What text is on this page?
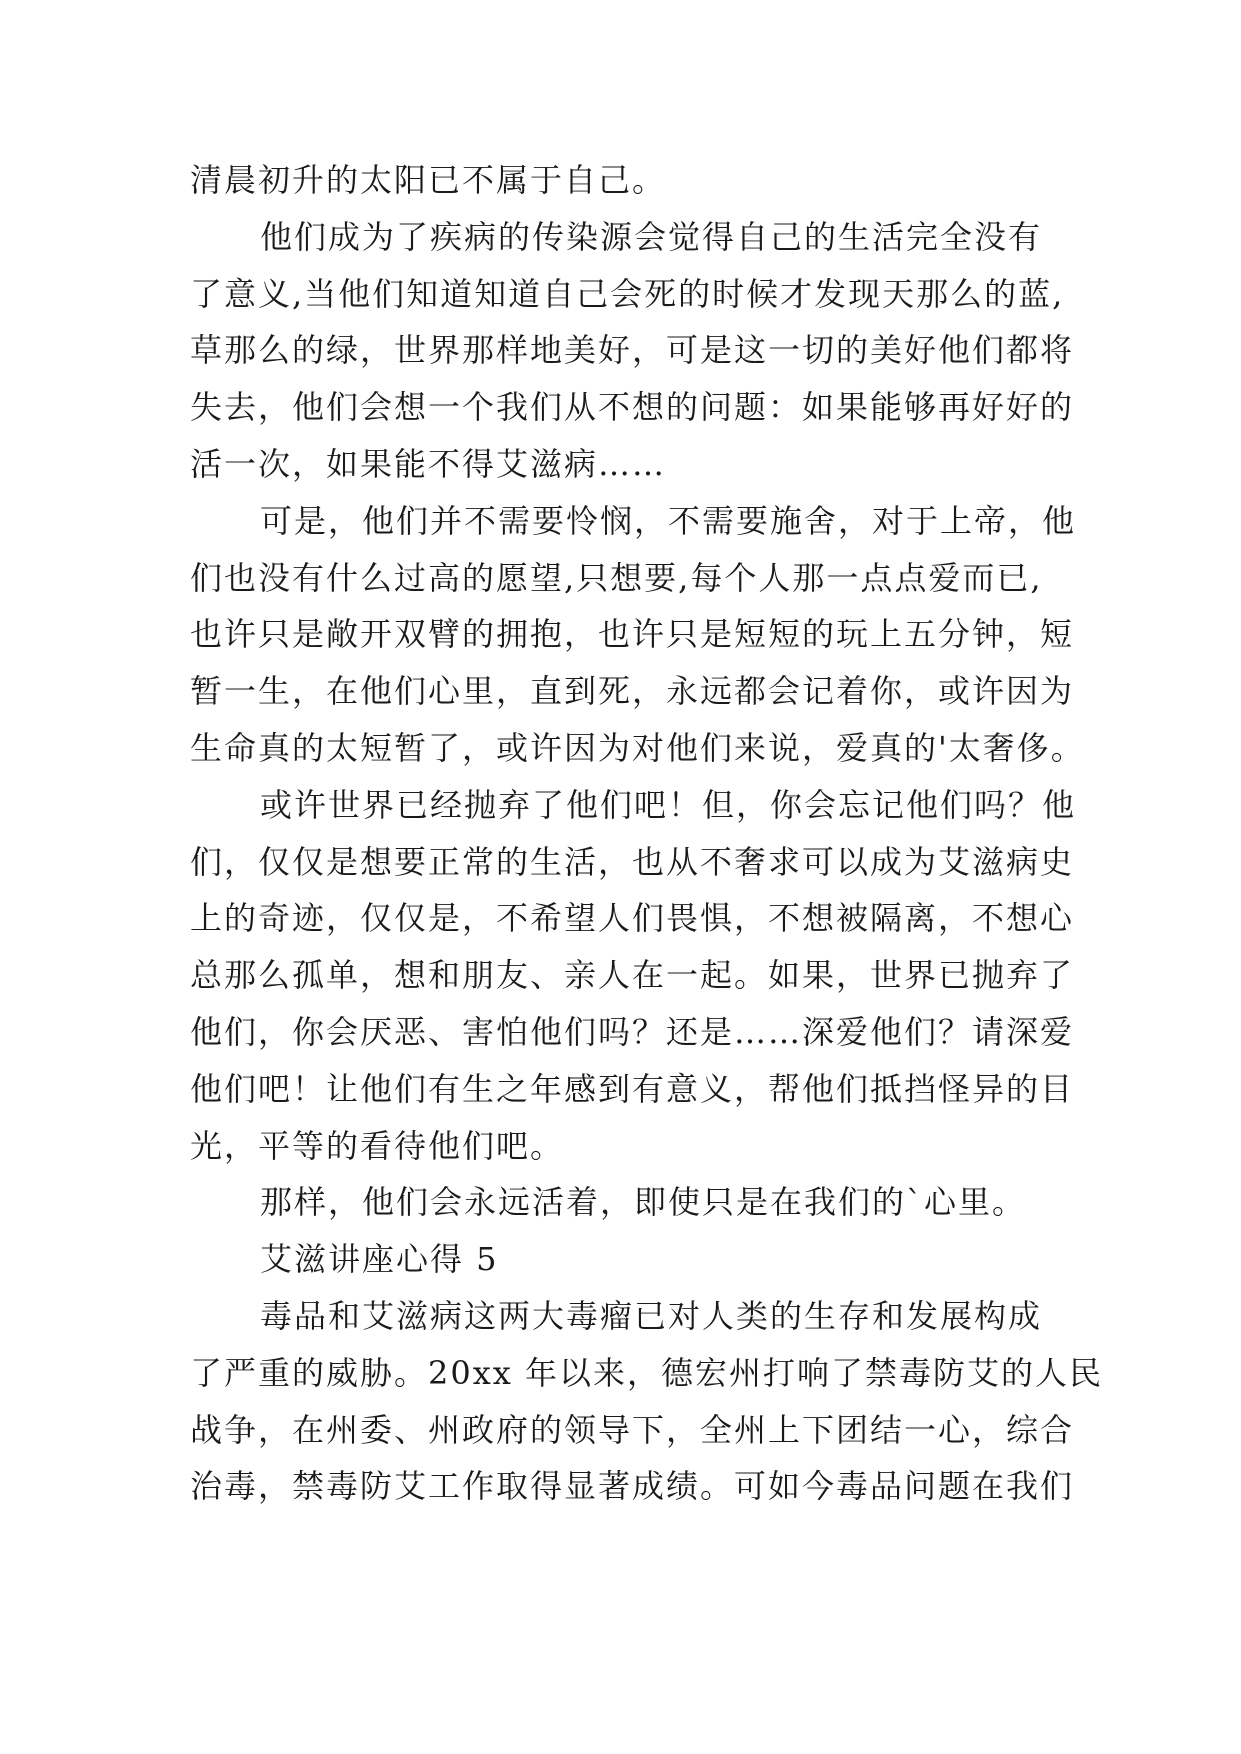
清晨初升的太阳已不属于自己。
他们成为了疾病的传染源会觉得自己的生活完全没有
了意义,当他们知道知道自己会死的时候才发现天那么的蓝,
草那么的绿，世界那样地美好，可是这一切的美好他们都将
失去，他们会想一个我们从不想的问题：如果能够再好好的
活一次，如果能不得艾滋病……
可是，他们并不需要怜悯，不需要施舍，对于上帝，他
们也没有什么过高的愿望,只想要,每个人那一点点爱而已,
也许只是敞开双臂的拥抱，也许只是短短的玩上五分钟，短
暂一生，在他们心里，直到死，永远都会记着你，或许因为
生命真的太短暂了，或许因为对他们来说，爱真的'太奢侈。
或许世界已经抛弃了他们吧！但，你会忘记他们吗？他
们，仅仅是想要正常的生活，也从不奢求可以成为艾滋病史
上的奇迹，仅仅是，不希望人们畏惧，不想被隔离，不想心
总那么孤单，想和朋友、亲人在一起。如果，世界已抛弃了
他们，你会厌恶、害怕他们吗？还是……深爱他们？请深爱
他们吧！让他们有生之年感到有意义，帮他们抵挡怪异的目
光，平等的看待他们吧。
那样，他们会永远活着，即使只是在我们的`心里。
艾滋讲座心得 5
毒品和艾滋病这两大毒瘤已对人类的生存和发展构成
了严重的威胁。20xx 年以来，德宏州打响了禁毒防艾的人民
战争，在州委、州政府的领导下，全州上下团结一心，综合
治毒，禁毒防艾工作取得显著成绩。可如今毒品问题在我们
